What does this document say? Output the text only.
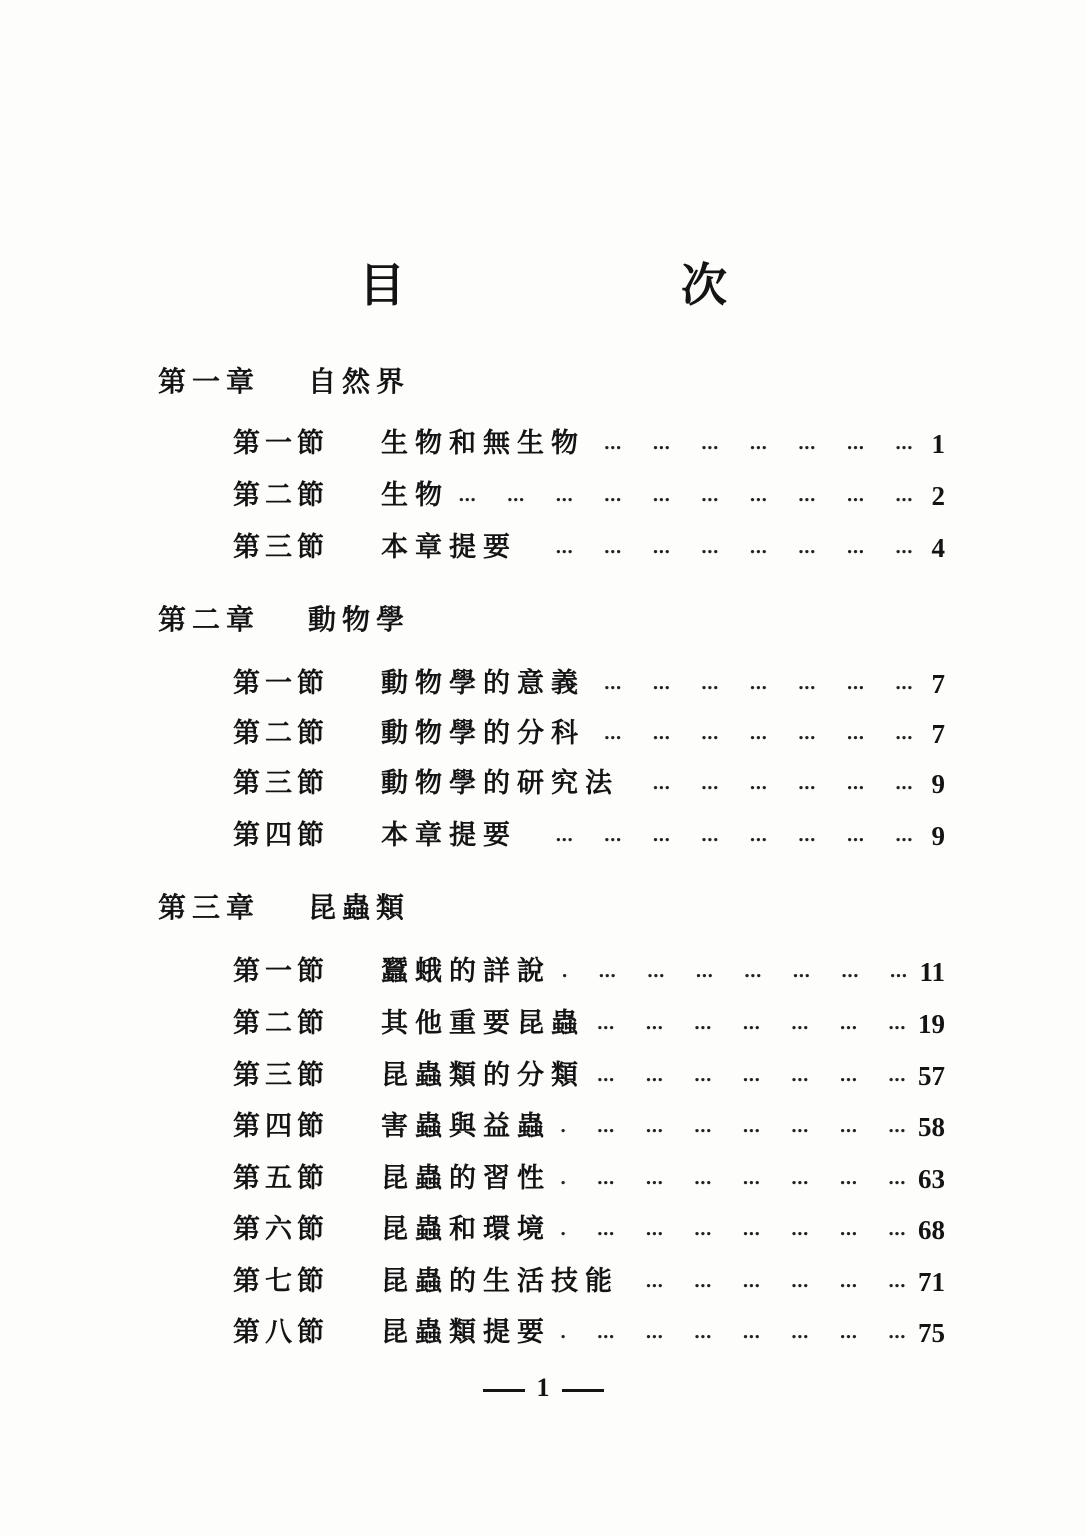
目 次
第一章 自然界
第一節	生物和無生物 … … … … … … … … … … … … … … … …	1
第二節	生物 … … … … … … … … … … … … … … … …	2
第三節	本章提要 … … … … … … … … … … … … … … … …	4
第二章 動物學
第一節	動物學的意義 … … … … … … … … … … … … … … … …	7
第二節	動物學的分科 … … … … … … … … … … … … … … … …	7
第三節	動物學的研究法 … … … … … … … … … … … … … … … …	9
第四節	本章提要 … … … … … … … … … … … … … … … …	9
第三章 昆蟲類
第一節	蠶蛾的詳說 … … … … … … … … … … … … … … … …	11
第二節	其他重要昆蟲 … … … … … … … … … … … … … … … …	19
第三節	昆蟲類的分類 … … … … … … … … … … … … … … … …	57
第四節	害蟲與益蟲 … … … … … … … … … … … … … … … …	58
第五節	昆蟲的習性 … … … … … … … … … … … … … … … …	63
第六節	昆蟲和環境 … … … … … … … … … … … … … … … …	68
第七節	昆蟲的生活技能 … … … … … … … … … … … … … … … …	71
第八節	昆蟲類提要 … … … … … … … … … … … … … … … …	75
1
